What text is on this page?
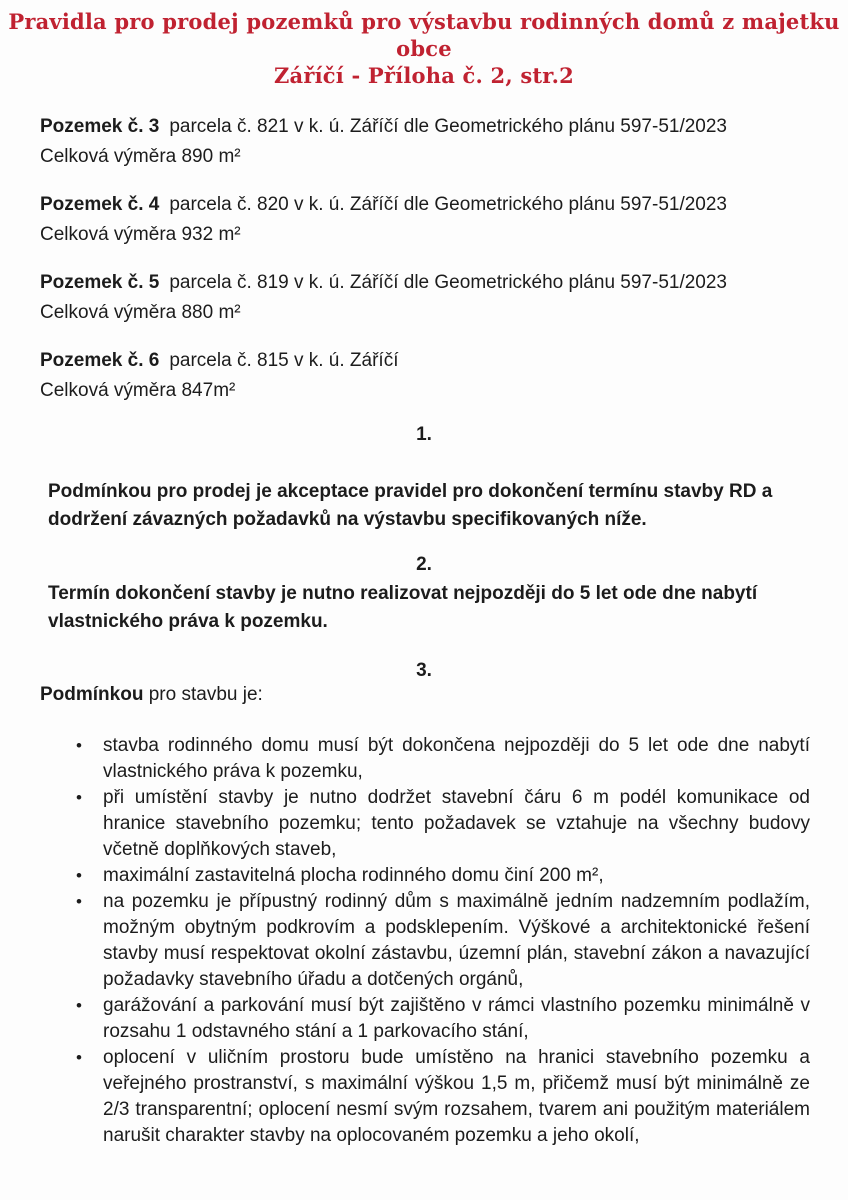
Pravidla pro prodej pozemků pro výstavbu rodinných domů z majetku obce
Záříčí - Příloha č. 2, str.2
Pozemek č. 3 parcela č. 821 v k. ú. Záříčí dle Geometrického plánu 597-51/2023
Celková výměra 890 m²
Pozemek č. 4 parcela č. 820 v k. ú. Záříčí dle Geometrického plánu 597-51/2023
Celková výměra 932 m²
Pozemek č. 5 parcela č. 819 v k. ú. Záříčí dle Geometrického plánu 597-51/2023
Celková výměra 880 m²
Pozemek č. 6 parcela č. 815 v k. ú. Záříčí
Celková výměra 847m²
1.

Podmínkou pro prodej je akceptace pravidel pro dokončení termínu stavby RD a dodržení závazných požadavků na výstavbu specifikovaných níže.

2.

Termín dokončení stavby je nutno realizovat nejpozději do 5 let ode dne nabytí vlastnického práva k pozemku.

3.

Podmínkou pro stavbu je:

• stavba rodinného domu musí být dokončena nejpozději do 5 let ode dne nabytí vlastnického práva k pozemku,
• při umístění stavby je nutno dodržet stavební čáru 6 m podél komunikace od hranice stavebního pozemku; tento požadavek se vztahuje na všechny budovy včetně doplňkových staveb,
• maximální zastavitelná plocha rodinného domu činí 200 m²,
• na pozemku je přípustný rodinný dům s maximálně jedním nadzemním podlažím, možným obytným podkrovím a podsklepením. Výškové a architektonické řešení stavby musí respektovat okolní zástavbu, územní plán, stavební zákon a navazující požadavky stavebního úřadu a dotčených orgánů,
• garážování a parkování musí být zajištěno v rámci vlastního pozemku minimálně v rozsahu 1 odstavného stání a 1 parkovacího stání,
• oplocení v uličním prostoru bude umístěno na hranici stavebního pozemku a veřejného prostranství, s maximální výškou 1,5 m, přičemž musí být minimálně ze 2/3 transparentní; oplocení nesmí svým rozsahem, tvarem ani použitým materiálem narušit charakter stavby na oplocovaném pozemku a jeho okolí,
